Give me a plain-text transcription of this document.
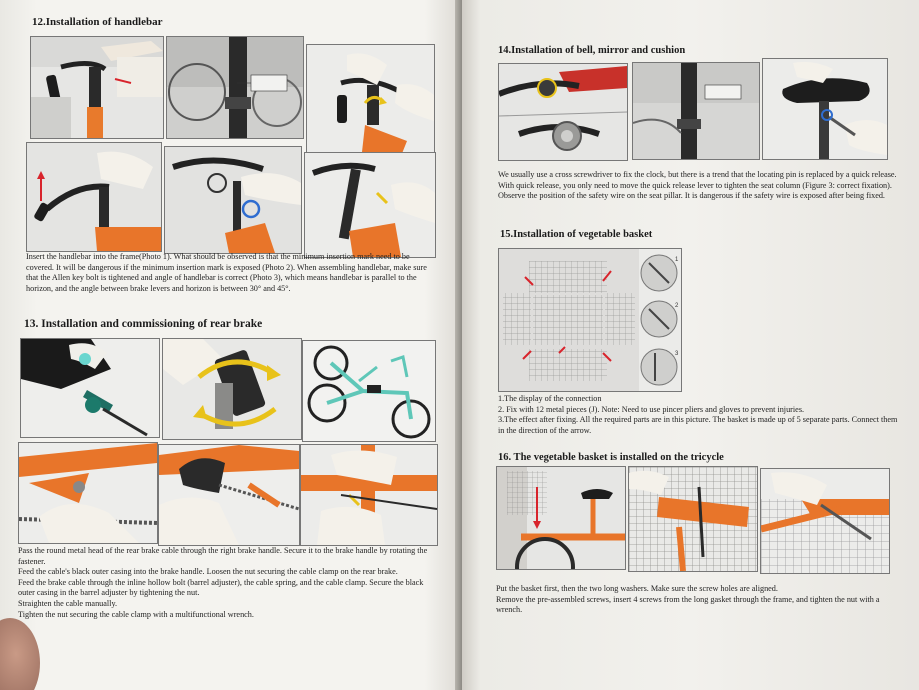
12.Installation of handlebar

Insert the handlebar into the frame(Photo 1). What should be observed is that the minimum insertion mark need to be covered. It will be dangerous if the minimum insertion mark is exposed (Photo 2). When assembling handlebar, make sure that the Allen key bolt is tightened and angle of handlebar is correct (Photo 3), which means handlebar is parallel to the horizon, and the angle between brake levers and horizon is between 30° and 45°.

13. Installation and commissioning of rear brake

Pass the round metal head of the rear brake cable through the right brake handle. Secure it to the brake handle by rotating the fastener.

Feed the cable's black outer casing into the brake handle. Loosen the nut securing the cable clamp on the rear brake.

Feed the brake cable through the inline hollow bolt (barrel adjuster), the cable spring, and the cable clamp. Secure the black outer casing in the barrel adjuster by tightening the nut.

Straighten the cable manually.

Tighten the nut securing the cable clamp with a multifunctional wrench.

14.Installation of bell, mirror and cushion

We usually use a cross screwdriver to fix the clock, but there is a trend that the locating pin is replaced by a quick release. With quick release, you only need to move the quick release lever to tighten the seat column (Figure 3: correct fixation). Observe the position of the safety wire on the seat pillar. It is dangerous if the safety wire is exposed after being fixed.

15.Installation of vegetable basket
1
2
3

1.The display of the connection

2. Fix with 12 metal pieces (J). Note: Need to use pincer pliers and gloves to prevent injuries.

3.The effect after fixing. All the required parts are in this picture. The basket is made up of 5 separate parts. Connect them in the direction of the arrow.

16. The vegetable basket is installed on the tricycle

Put the basket first, then the two long washers. Make sure the screw holes are aligned.

Remove the pre-assembled screws, insert 4 screws from the long gasket through the frame, and tighten the nut with a wrench.
